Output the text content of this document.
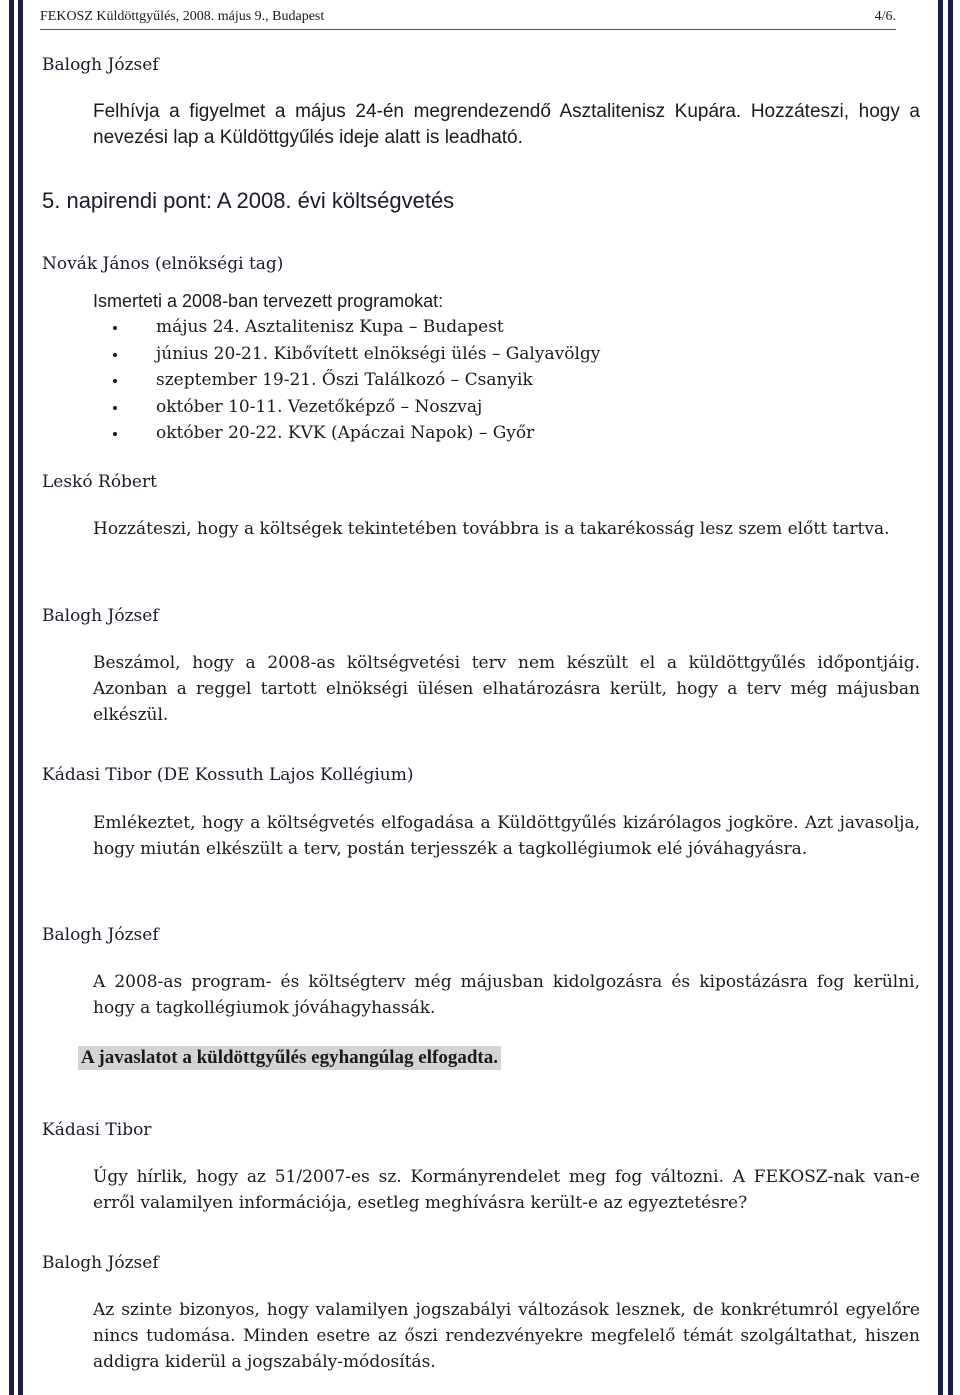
FEKOSZ Küldöttgyűlés, 2008. május 9., Budapest	4/6.
Balogh József
Felhívja a figyelmet a május 24-én megrendezendő Asztalitenisz Kupára. Hozzáteszi, hogy a nevezési lap a Küldöttgyűlés ideje alatt is leadható.
5. napirendi pont: A 2008. évi költségvetés
Novák János (elnökségi tag)
Ismerteti a 2008-ban tervezett programokat:
május 24. Asztalitenisz Kupa – Budapest
június 20-21. Kibővített elnökségi ülés – Galyavölgy
szeptember 19-21. Őszi Találkozó – Csanyik
október 10-11. Vezetőképző – Noszvaj
október 20-22. KVK (Apáczai Napok) – Győr
Leskó Róbert
Hozzáteszi, hogy a költségek tekintetében továbbra is a takarékosság lesz szem előtt tartva.
Balogh József
Beszámol, hogy a 2008-as költségvetési terv nem készült el a küldöttgyűlés időpontjáig. Azonban a reggel tartott elnökségi ülésen elhatározásra került, hogy a terv még májusban elkészül.
Kádasi Tibor (DE Kossuth Lajos Kollégium)
Emlékeztet, hogy a költségvetés elfogadása a Küldöttgyűlés kizárólagos jogköre. Azt javasolja, hogy miután elkészült a terv, postán terjesszék a tagkollégiumok elé jóváhagyásra.
Balogh József
A 2008-as program- és költségterv még májusban kidolgozásra és kipostázásra fog kerülni, hogy a tagkollégiumok jóváhagyhassák.
A javaslatot a küldöttgyűlés egyhangúlag elfogadta.
Kádasi Tibor
Úgy hírlik, hogy az 51/2007-es sz. Kormányrendelet meg fog változni. A FEKOSZ-nak van-e erről valamilyen információja, esetleg meghívásra került-e az egyeztetésre?
Balogh József
Az szinte bizonyos, hogy valamilyen jogszabályi változások lesznek, de konkrétumról egyelőre nincs tudomása. Minden esetre az őszi rendezvényekre megfelelő témát szolgáltathat, hiszen addigra kiderül a jogszabály-módosítás.
